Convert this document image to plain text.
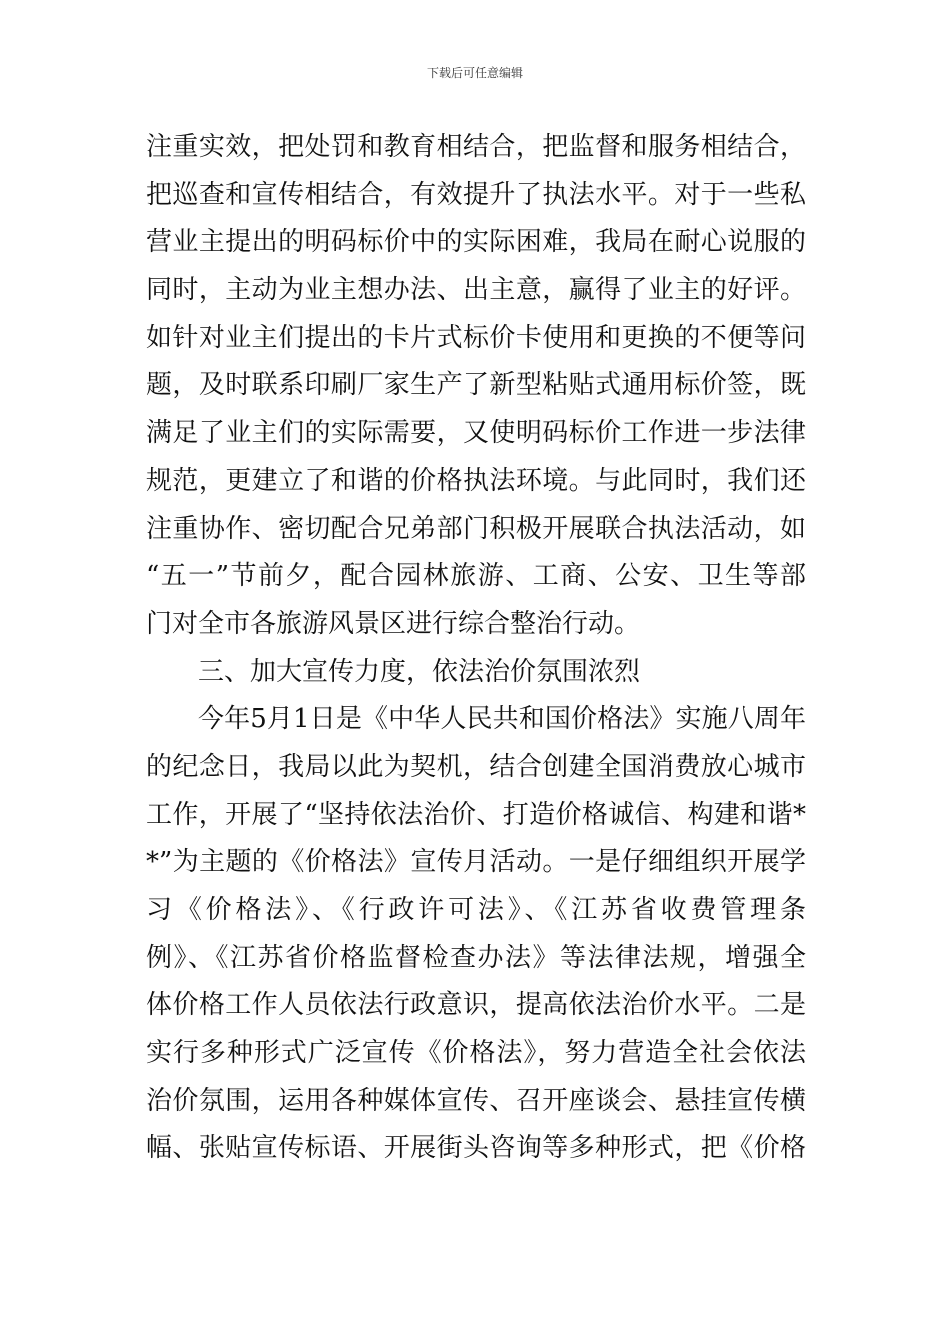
下载后可任意编辑
注重实效，把处罚和教育相结合，把监督和服务相结合，
把巡查和宣传相结合，有效提升了执法水平。对于一些私
营业主提出的明码标价中的实际困难，我局在耐心说服的
同时，主动为业主想办法、出主意，赢得了业主的好评。
如针对业主们提出的卡片式标价卡使用和更换的不便等问
题，及时联系印刷厂家生产了新型粘贴式通用标价签，既
满足了业主们的实际需要，又使明码标价工作进一步法律
规范，更建立了和谐的价格执法环境。与此同时，我们还
注重协作、密切配合兄弟部门积极开展联合执法活动，如
“五一”节前夕，配合园林旅游、工商、公安、卫生等部
门对全市各旅游风景区进行综合整治行动。
三、加大宣传力度，依法治价氛围浓烈
今年5月1日是《中华人民共和国价格法》实施八周年
的纪念日，我局以此为契机，结合创建全国消费放心城市
工作，开展了“坚持依法治价、打造价格诚信、构建和谐*
*”为主题的《价格法》宣传月活动。一是仔细组织开展学
习《价格法》、《行政许可法》、《江苏省收费管理条
例》、《江苏省价格监督检查办法》等法律法规，增强全
体价格工作人员依法行政意识，提高依法治价水平。二是
实行多种形式广泛宣传《价格法》，努力营造全社会依法
治价氛围，运用各种媒体宣传、召开座谈会、悬挂宣传横
幅、张贴宣传标语、开展街头咨询等多种形式，把《价格
